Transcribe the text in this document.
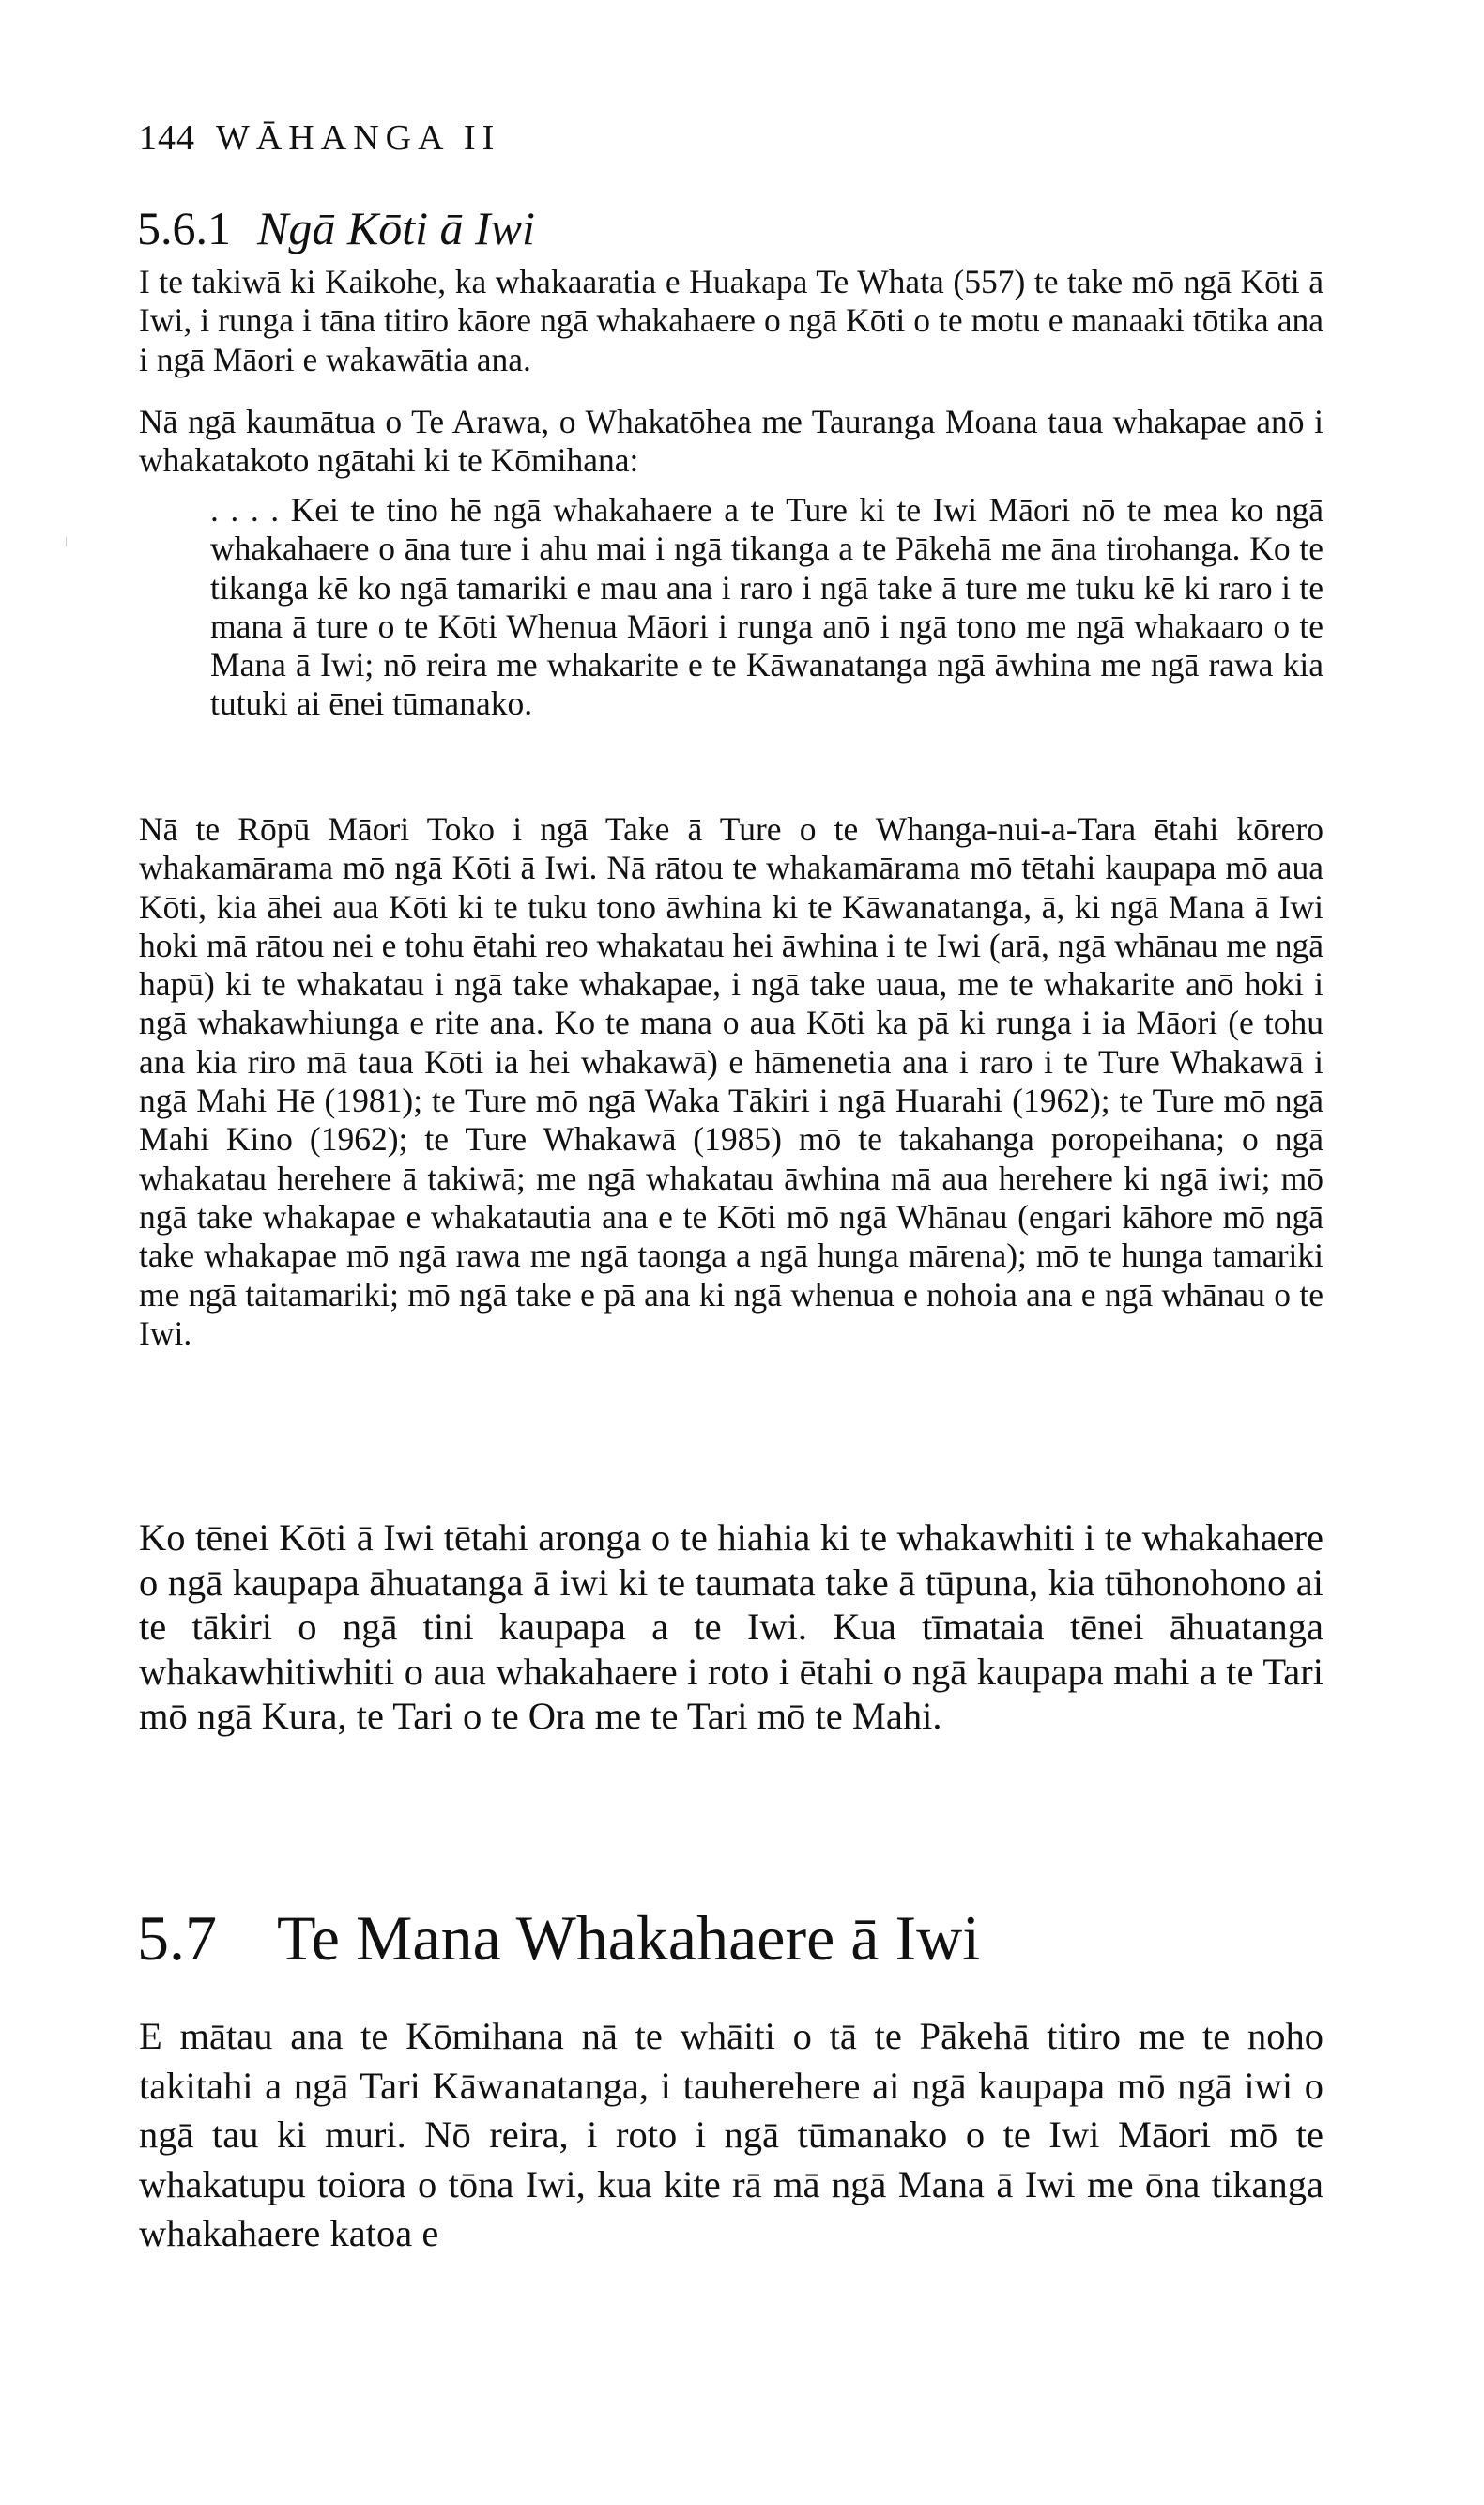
144 WĀHANGA II
5.6.1 Ngā Kōti ā Iwi

I te takiwā ki Kaikohe, ka whakaaratia e Huakapa Te Whata (557) te take mō ngā Kōti ā Iwi, i runga i tāna titiro kāore ngā whakahaere o ngā Kōti o te motu e manaaki tōtika ana i ngā Māori e wakawātia ana.

Nā ngā kaumātua o Te Arawa, o Whakatōhea me Tauranga Moana taua whakapae anō i whakatakoto ngātahi ki te Kōmihana:

. . . . Kei te tino hē ngā whakahaere a te Ture ki te Iwi Māori nō te mea ko ngā whakahaere o āna ture i ahu mai i ngā tikanga a te Pākehā me āna tirohanga. Ko te tikanga kē ko ngā tamariki e mau ana i raro i ngā take ā ture me tuku kē ki raro i te mana ā ture o te Kōti Whenua Māori i runga anō i ngā tono me ngā whakaaro o te Mana ā Iwi; nō reira me whakarite e te Kāwanatanga ngā āwhina me ngā rawa kia tutuki ai ēnei tūmanako.

Nā te Rōpū Māori Toko i ngā Take ā Ture o te Whanga-nui-a-Tara ētahi kōrero whakamārama mō ngā Kōti ā Iwi. Nā rātou te whakamārama mō tētahi kaupapa mō aua Kōti, kia āhei aua Kōti ki te tuku tono āwhina ki te Kāwanatanga, ā, ki ngā Mana ā Iwi hoki mā rātou nei e tohu ētahi reo whakatau hei āwhina i te Iwi (arā, ngā whānau me ngā hapū) ki te whakatau i ngā take whakapae, i ngā take uaua, me te whakarite anō hoki i ngā whakawhiunga e rite ana. Ko te mana o aua Kōti ka pā ki runga i ia Māori (e tohu ana kia riro mā taua Kōti ia hei whakawā) e hāmenetia ana i raro i te Ture Whakawā i ngā Mahi Hē (1981); te Ture mō ngā Waka Tākiri i ngā Huarahi (1962); te Ture mō ngā Mahi Kino (1962); te Ture Whakawā (1985) mō te takahanga poropeihana; o ngā whakatau herehere ā takiwā; me ngā whakatau āwhina mā aua herehere ki ngā iwi; mō ngā take whakapae e whakatautia ana e te Kōti mō ngā Whānau (engari kāhore mō ngā take whakapae mō ngā rawa me ngā taonga a ngā hunga mārena); mō te hunga tamariki me ngā taitamariki; mō ngā take e pā ana ki ngā whenua e nohoia ana e ngā whānau o te Iwi.

Ko tēnei Kōti ā Iwi tētahi aronga o te hiahia ki te whakawhiti i te whakahaere o ngā kaupapa āhuatanga ā iwi ki te taumata take ā tūpuna, kia tūhonohono ai te tākiri o ngā tini kaupapa a te Iwi. Kua tīmataia tēnei āhuatanga whakawhitiwhiti o aua whakahaere i roto i ētahi o ngā kaupapa mahi a te Tari mō ngā Kura, te Tari o te Ora me te Tari mō te Mahi.

5.7 Te Mana Whakahaere ā Iwi

E mātau ana te Kōmihana nā te whāiti o tā te Pākehā titiro me te noho takitahi a ngā Tari Kāwanatanga, i tauherehere ai ngā kaupapa mō ngā iwi o ngā tau ki muri. Nō reira, i roto i ngā tūmanako o te Iwi Māori mō te whakatupu toiora o tōna Iwi, kua kite rā mā ngā Mana ā Iwi me ōna tikanga whakahaere katoa e
